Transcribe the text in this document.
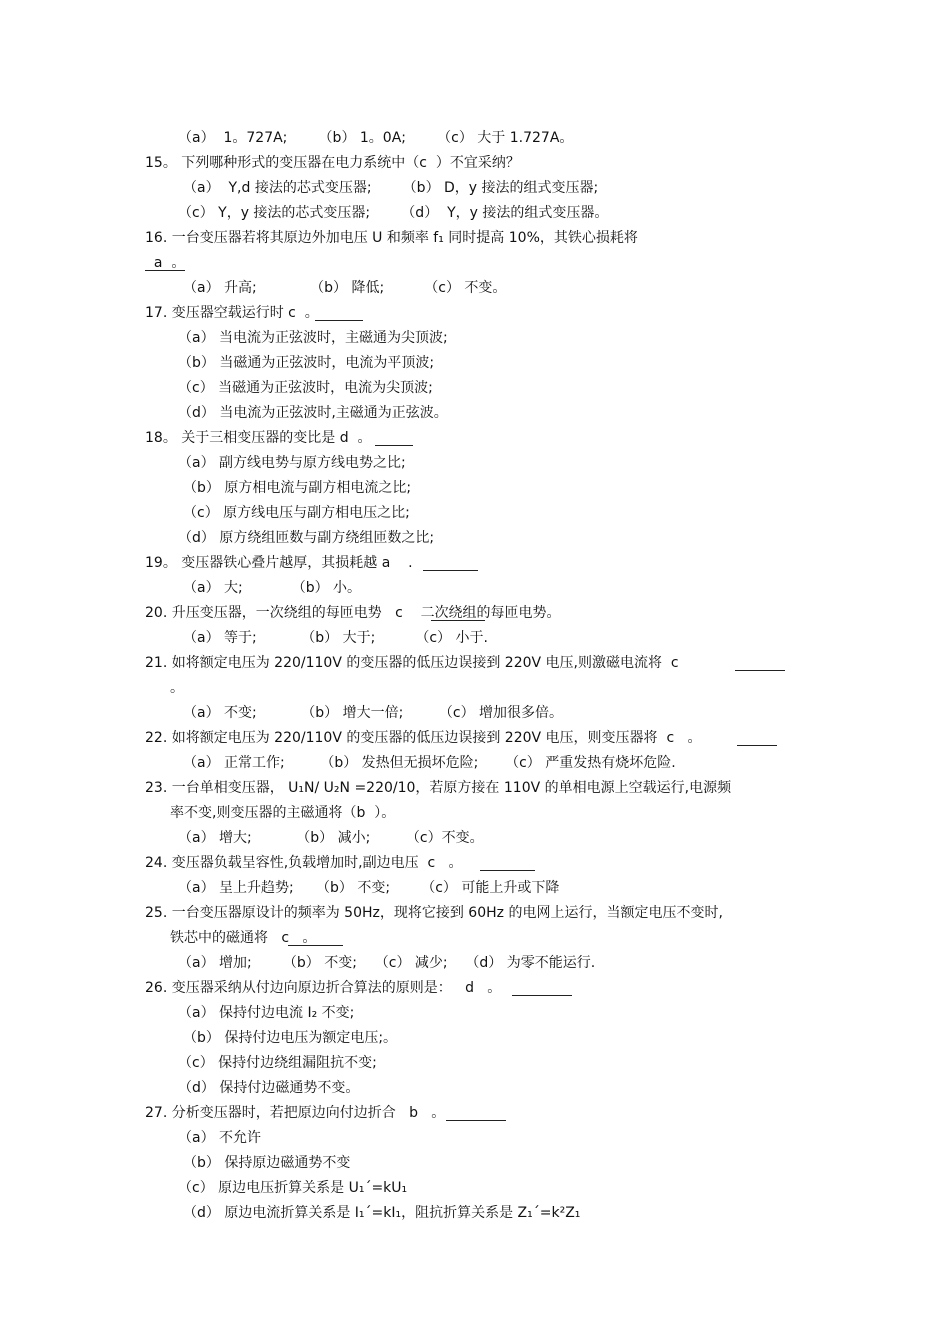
（a）  1。727A;       （b） 1。0A;       （c） 大于 1.727A。
15。 下列哪种形式的变压器在电力系统中（c  ）不宜采纳？
（a）  Y,d 接法的芯式变压器;       （b） D，y 接法的组式变压器;
（c） Y，y 接法的芯式变压器;       （d）  Y，y 接法的组式变压器。
16. 一台变压器若将其原边外加电压 U 和频率 f₁ 同时提高 10%，其铁心损耗将
a  。
（a） 升高;            （b） 降低;         （c） 不变。
17. 变压器空载运行时 c  。
（a） 当电流为正弦波时，主磁通为尖顶波;
（b） 当磁通为正弦波时，电流为平顶波;
（c） 当磁通为正弦波时，电流为尖顶波;
（d） 当电流为正弦波时,主磁通为正弦波。
18。 关于三相变压器的变比是 d  。
（a） 副方线电势与原方线电势之比;
（b） 原方相电流与副方相电流之比;
（c） 原方线电压与副方相电压之比;
（d） 原方绕组匝数与副方绕组匝数之比;
19。 变压器铁心叠片越厚，其损耗越 a    .
（a） 大;           （b） 小。
20. 升压变压器，一次绕组的每匝电势   c    二次绕组的每匝电势。
（a） 等于;          （b） 大于;         （c） 小于.
21. 如将额定电压为 220/110V 的变压器的低压边误接到 220V 电压,则激磁电流将  c
。
（a） 不变;          （b） 增大一倍;        （c） 增加很多倍。
22. 如将额定电压为 220/110V 的变压器的低压边误接到 220V 电压，则变压器将  c   。
（a） 正常工作;        （b） 发热但无损坏危险;      （c） 严重发热有烧坏危险.
23. 一台单相变压器， U₁N/ U₂N =220/10，若原方接在 110V 的单相电源上空载运行,电源频
率不变,则变压器的主磁通将（b  ）。
（a） 增大;          （b） 减小;        （c）不变。
24. 变压器负载呈容性,负载增加时,副边电压  c   。
（a） 呈上升趋势;     （b） 不变;       （c） 可能上升或下降
25. 一台变压器原设计的频率为 50Hz，现将它接到 60Hz 的电网上运行，当额定电压不变时,
铁芯中的磁通将   c   。
（a） 增加;       （b） 不变;    （c） 减少;    （d） 为零不能运行.
26. 变压器采纳从付边向原边折合算法的原则是：   d   。
（a） 保持付边电流 I₂ 不变;
（b） 保持付边电压为额定电压;。
（c） 保持付边绕组漏阻抗不变;
（d） 保持付边磁通势不变。
27. 分析变压器时，若把原边向付边折合   b   。
（a） 不允许
（b） 保持原边磁通势不变
（c） 原边电压折算关系是 U₁´=kU₁
（d） 原边电流折算关系是 I₁´=kI₁，阻抗折算关系是 Z₁´=k²Z₁
